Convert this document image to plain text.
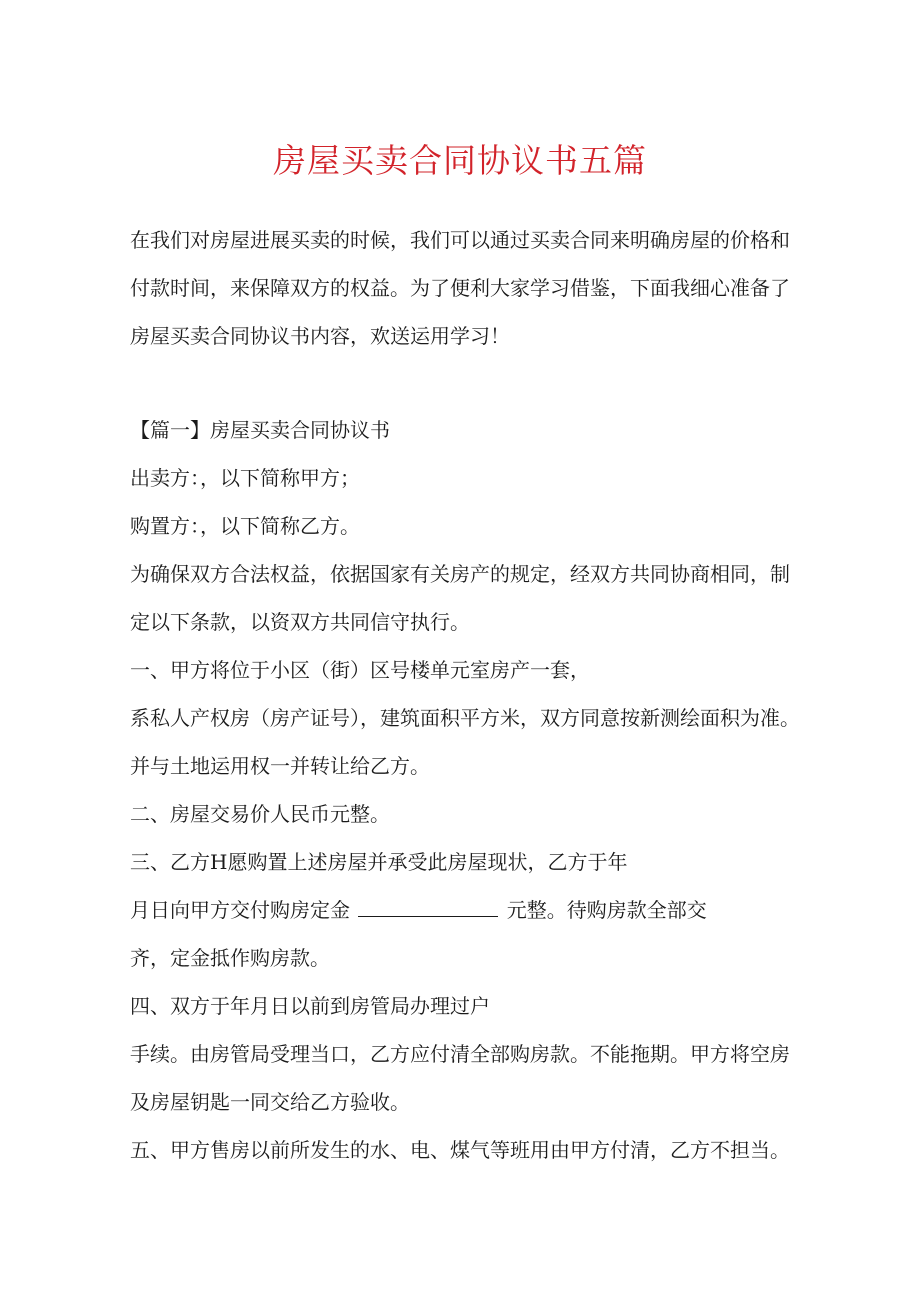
房屋买卖合同协议书五篇
在我们对房屋进展买卖的时候，我们可以通过买卖合同来明确房屋的价格和
付款时间，来保障双方的权益。为了便利大家学习借鉴，下面我细心准备了
房屋买卖合同协议书内容，欢送运用学习！
【篇一】房屋买卖合同协议书
出卖方：，以下简称甲方；
购置方：，以下简称乙方。
为确保双方合法权益，依据国家有关房产的规定，经双方共同协商相同，制
定以下条款，以资双方共同信守执行。
一、甲方将位于小区（街）区号楼单元室房产一套，
系私人产权房（房产证号），建筑面积平方米，双方同意按新测绘面积为准。
并与土地运用权一并转让给乙方。
二、房屋交易价人民币元整。
三、乙方H愿购置上述房屋并承受此房屋现状，乙方于年
月日向甲方交付购房定金	元整。待购房款全部交
齐，定金抵作购房款。
四、双方于年月日以前到房管局办理过户
手续。由房管局受理当口，乙方应付清全部购房款。不能拖期。甲方将空房
及房屋钥匙一同交给乙方验收。
五、甲方售房以前所发生的水、电、煤气等班用由甲方付清，乙方不担当。
